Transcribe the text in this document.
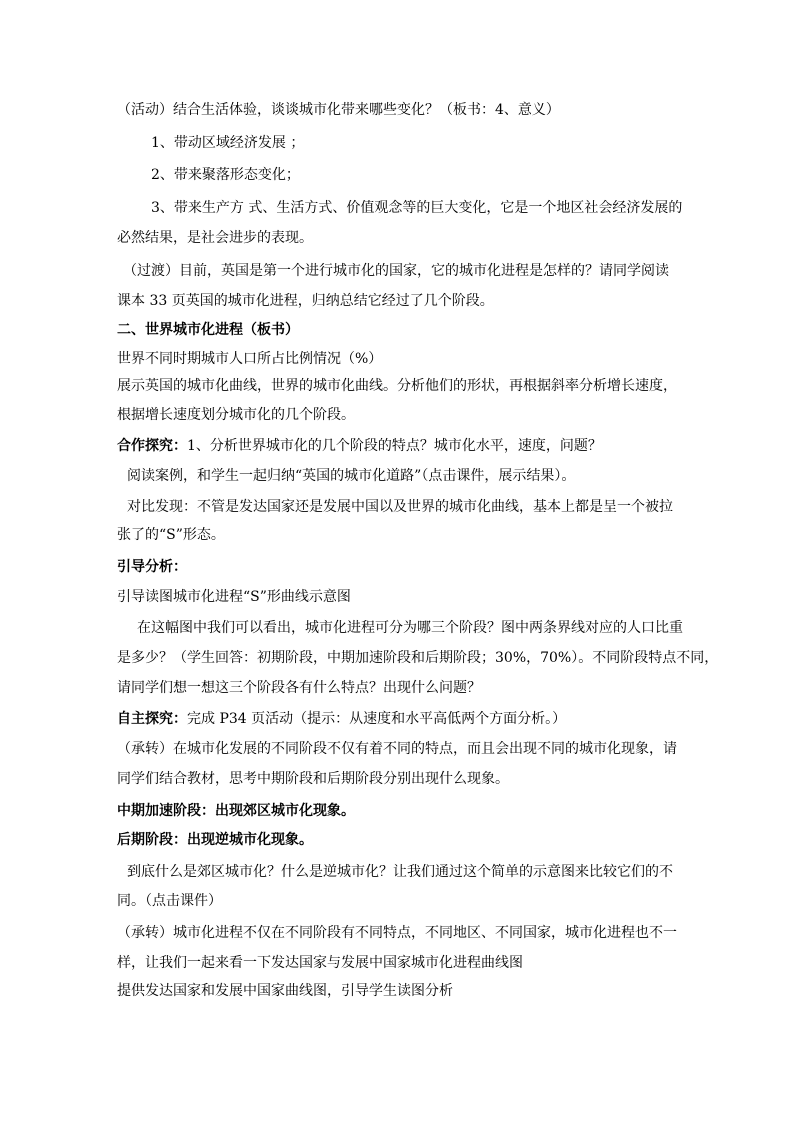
（活动）结合生活体验，谈谈城市化带来哪些变化？（板书：4、意义）
1、带动区域经济发展 ；
2、带来聚落形态变化；
3、带来生产方 式、生活方式、价值观念等的巨大变化，它是一个地区社会经济发展的
必然结果，是社会进步的表现。
（过渡）目前，英国是第一个进行城市化的国家，它的城市化进程是怎样的？请同学阅读
课本 33 页英国的城市化进程，归纳总结它经过了几个阶段。
二、世界城市化进程（板书）
世界不同时期城市人口所占比例情况（%）
展示英国的城市化曲线，世界的城市化曲线。分析他们的形状，再根据斜率分析增长速度，
根据增长速度划分城市化的几个阶段。
合作探究：1、分析世界城市化的几个阶段的特点？城市化水平，速度，问题？
阅读案例，和学生一起归纳“英国的城市化道路”（点击课件，展示结果）。
对比发现：不管是发达国家还是发展中国以及世界的城市化曲线，基本上都是呈一个被拉
张了的“S”形态。
引导分析：
引导读图城市化进程“S”形曲线示意图
在这幅图中我们可以看出，城市化进程可分为哪三个阶段？图中两条界线对应的人口比重
是多少？（学生回答：初期阶段，中期加速阶段和后期阶段；30%，70%）。不同阶段特点不同，
请同学们想一想这三个阶段各有什么特点？出现什么问题？
自主探究：完成 P34 页活动（提示：从速度和水平高低两个方面分析。）
（承转）在城市化发展的不同阶段不仅有着不同的特点，而且会出现不同的城市化现象，请
同学们结合教材，思考中期阶段和后期阶段分别出现什么现象。
中期加速阶段：出现郊区城市化现象。
后期阶段：出现逆城市化现象。
到底什么是郊区城市化？什么是逆城市化？让我们通过这个简单的示意图来比较它们的不
同。（点击课件）
（承转）城市化进程不仅在不同阶段有不同特点，不同地区、不同国家，城市化进程也不一
样，让我们一起来看一下发达国家与发展中国家城市化进程曲线图
提供发达国家和发展中国家曲线图，引导学生读图分析
